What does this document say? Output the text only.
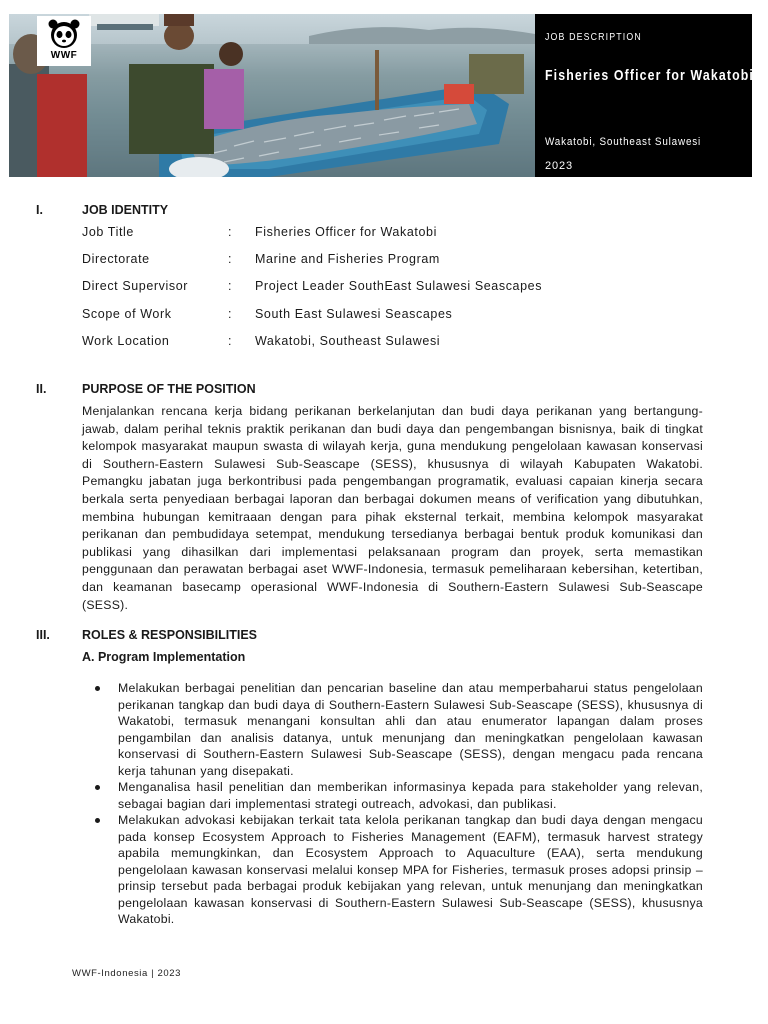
WWF
JOB DESCRIPTION
Fisheries Officer for Wakatobi
Wakatobi, Southeast Sulawesi
2023
I.	JOB IDENTITY
Job Title	: Fisheries Officer for Wakatobi
Directorate	: Marine and Fisheries Program
Direct Supervisor	: Project Leader SouthEast Sulawesi Seascapes
Scope of Work	: South East Sulawesi Seascapes
Work Location	: Wakatobi, Southeast Sulawesi
II.	PURPOSE OF THE POSITION
Menjalankan rencana kerja bidang perikanan berkelanjutan dan budi daya perikanan yang bertangung-jawab, dalam perihal teknis praktik perikanan dan budi daya dan pengembangan bisnisnya, baik di tingkat kelompok masyarakat maupun swasta di wilayah kerja, guna mendukung pengelolaan kawasan konservasi di Southern-Eastern Sulawesi Sub-Seascape (SESS), khususnya di wilayah Kabupaten Wakatobi. Pemangku jabatan juga berkontribusi pada pengembangan programatik, evaluasi capaian kinerja secara berkala serta penyediaan berbagai laporan dan berbagai dokumen means of verification yang dibutuhkan, membina hubungan kemitraaan dengan para pihak eksternal terkait, membina kelompok masyarakat perikanan dan pembudidaya setempat, mendukung tersedianya berbagai bentuk produk komunikasi dan publikasi yang dihasilkan dari implementasi pelaksanaan program dan proyek, serta memastikan penggunaan dan perawatan berbagai aset WWF-Indonesia, termasuk pemeliharaan kebersihan, ketertiban, dan keamanan basecamp operasional WWF-Indonesia di Southern-Eastern Sulawesi Sub-Seascape (SESS).
III.	ROLES & RESPONSIBILITIES
A. Program Implementation
Melakukan berbagai penelitian dan pencarian baseline dan atau memperbaharui status pengelolaan perikanan tangkap dan budi daya di Southern-Eastern Sulawesi Sub-Seascape (SESS), khususnya di Wakatobi, termasuk menangani konsultan ahli dan atau enumerator lapangan dalam proses pengambilan dan analisis datanya, untuk menunjang dan meningkatkan pengelolaan kawasan konservasi di Southern-Eastern Sulawesi Sub-Seascape (SESS), dengan mengacu pada rencana kerja tahunan yang disepakati.
Menganalisa hasil penelitian dan memberikan informasinya kepada para stakeholder yang relevan, sebagai bagian dari implementasi strategi outreach, advokasi, dan publikasi.
Melakukan advokasi kebijakan terkait tata kelola perikanan tangkap dan budi daya dengan mengacu pada konsep Ecosystem Approach to Fisheries Management (EAFM), termasuk harvest strategy apabila memungkinkan, dan Ecosystem Approach to Aquaculture (EAA), serta mendukung pengelolaan kawasan konservasi melalui konsep MPA for Fisheries, termasuk proses adopsi prinsip – prinsip tersebut pada berbagai produk kebijakan yang relevan, untuk menunjang dan meningkatkan pengelolaan kawasan konservasi di Southern-Eastern Sulawesi Sub-Seascape (SESS), khususnya Wakatobi.
WWF-Indonesia | 2023
